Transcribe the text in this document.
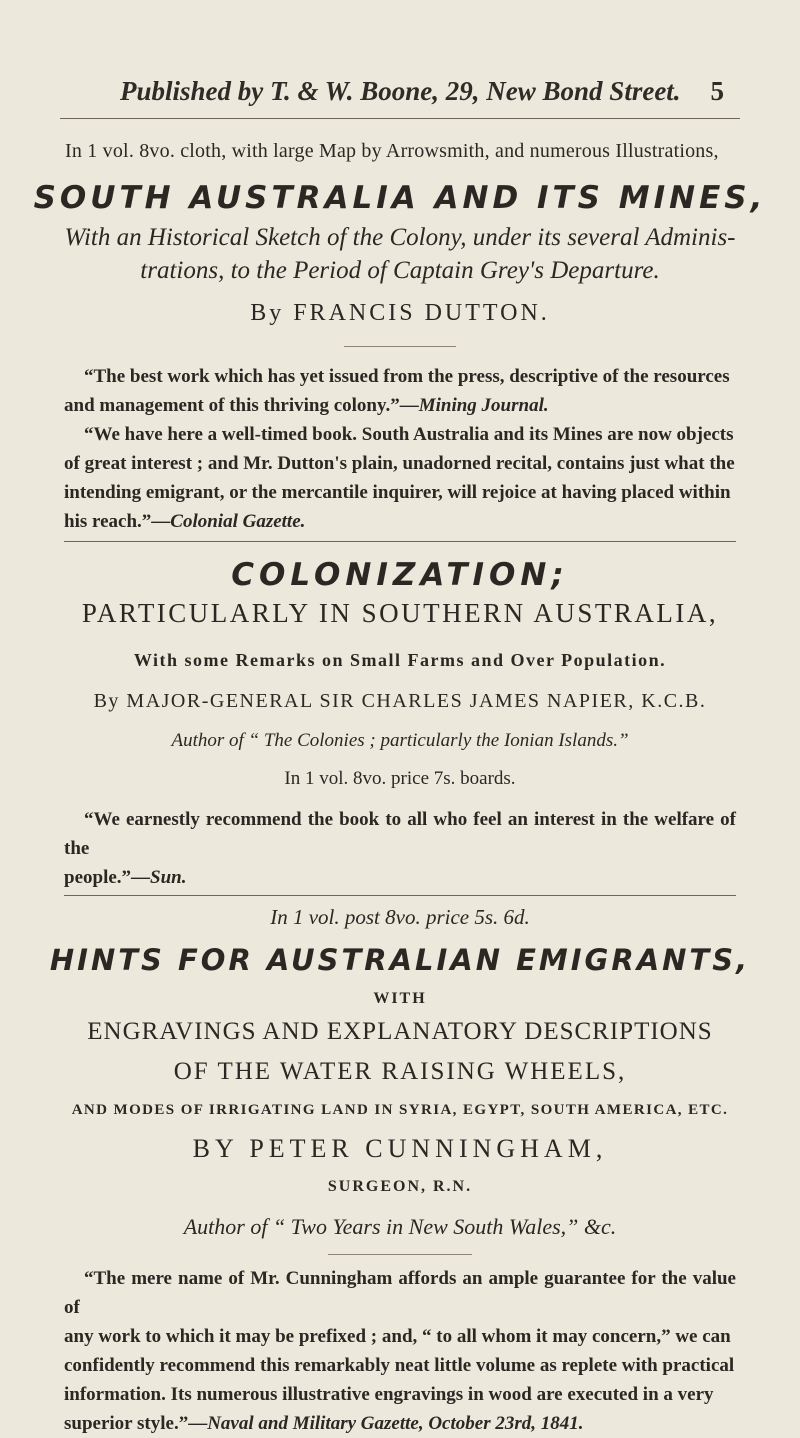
Published by T. & W. Boone, 29, New Bond Street. 5
In 1 vol. 8vo. cloth, with large Map by Arrowsmith, and numerous Illustrations,
SOUTH AUSTRALIA AND ITS MINES,
With an Historical Sketch of the Colony, under its several Adminis-
trations, to the Period of Captain Grey's Departure.
By FRANCIS DUTTON.
“The best work which has yet issued from the press, descriptive of the resources
and management of this thriving colony.”—Mining Journal.
“We have here a well-timed book. South Australia and its Mines are now objects
of great interest ; and Mr. Dutton's plain, unadorned recital, contains just what the
intending emigrant, or the mercantile inquirer, will rejoice at having placed within
his reach.”—Colonial Gazette.
COLONIZATION;
PARTICULARLY IN SOUTHERN AUSTRALIA,
With some Remarks on Small Farms and Over Population.
By MAJOR-GENERAL SIR CHARLES JAMES NAPIER, K.C.B.
Author of “ The Colonies ; particularly the Ionian Islands.”
In 1 vol. 8vo. price 7s. boards.
“We earnestly recommend the book to all who feel an interest in the welfare of the
people.”—Sun.
In 1 vol. post 8vo. price 5s. 6d.
HINTS FOR AUSTRALIAN EMIGRANTS,
WITH
ENGRAVINGS AND EXPLANATORY DESCRIPTIONS
OF THE WATER RAISING WHEELS,
AND MODES OF IRRIGATING LAND IN SYRIA, EGYPT, SOUTH AMERICA, ETC.
BY PETER CUNNINGHAM,
SURGEON, R.N.
Author of “ Two Years in New South Wales,” &c.
“The mere name of Mr. Cunningham affords an ample guarantee for the value of
any work to which it may be prefixed ; and, “ to all whom it may concern,” we can
confidently recommend this remarkably neat little volume as replete with practical
information. Its numerous illustrative engravings in wood are executed in a very
superior style.”—Naval and Military Gazette, October 23rd, 1841.
